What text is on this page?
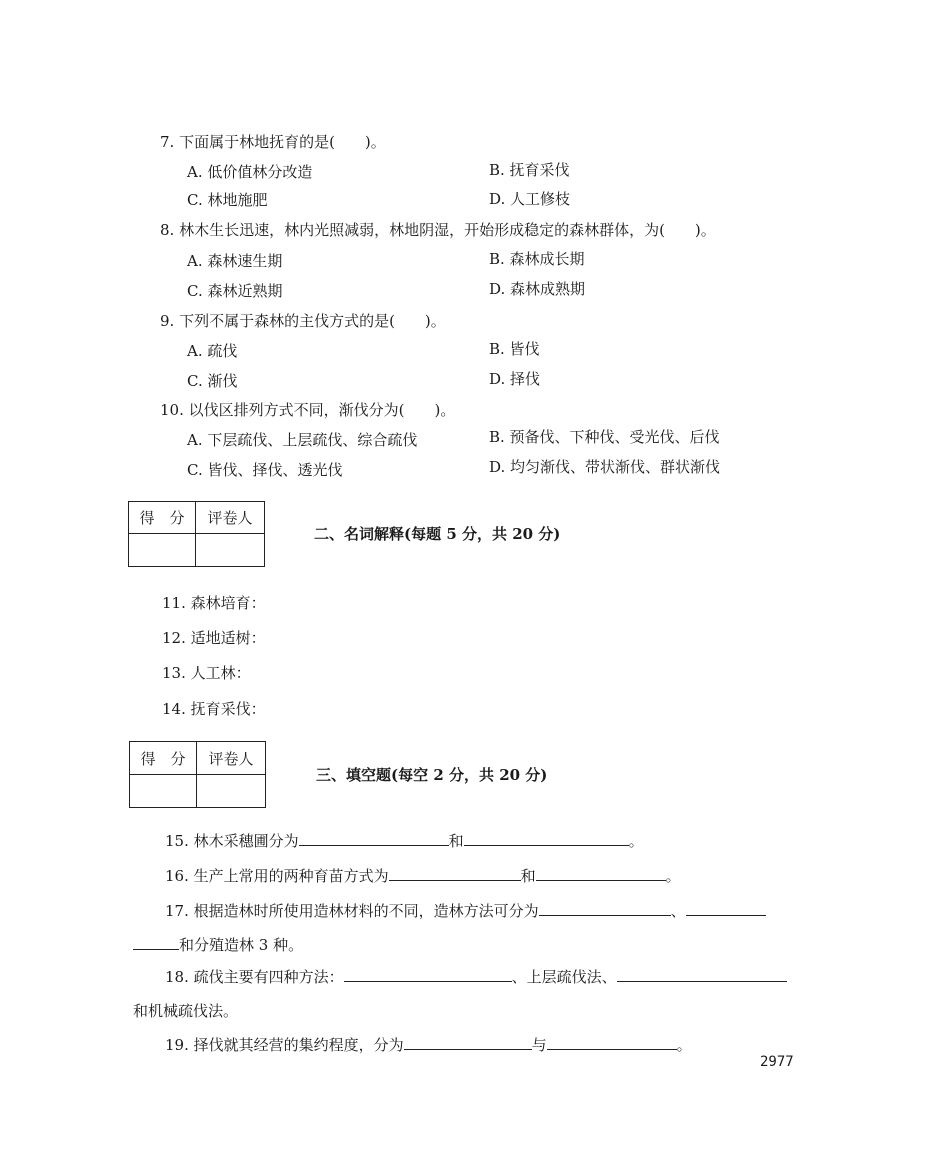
7. 下面属于林地抚育的是(　　)。
A. 低价值林分改造	B. 抚育采伐
C. 林地施肥	D. 人工修枝
8. 林木生长迅速，林内光照减弱，林地阴湿，开始形成稳定的森林群体，为(　　)。
A. 森林速生期	B. 森林成长期
C. 森林近熟期	D. 森林成熟期
9. 下列不属于森林的主伐方式的是(　　)。
A. 疏伐	B. 皆伐
C. 渐伐	D. 择伐
10. 以伐区排列方式不同，渐伐分为(　　)。
A. 下层疏伐、上层疏伐、综合疏伐	B. 预备伐、下种伐、受光伐、后伐
C. 皆伐、择伐、透光伐	D. 均匀渐伐、带状渐伐、群状渐伐
得　分	评卷人

二、名词解释(每题 5 分，共 20 分)
11. 森林培育：
12. 适地适树：
13. 人工林：
14. 抚育采伐：
得　分	评卷人

三、填空题(每空 2 分，共 20 分)
15. 林木采穗圃分为	和	。
16. 生产上常用的两种育苗方式为	和	。
17. 根据造林时所使用造林材料的不同，造林方法可分为	、
和分殖造林 3 种。
18. 疏伐主要有四种方法：	、上层疏伐法、
和机械疏伐法。
19. 择伐就其经营的集约程度，分为	与	。
2977
